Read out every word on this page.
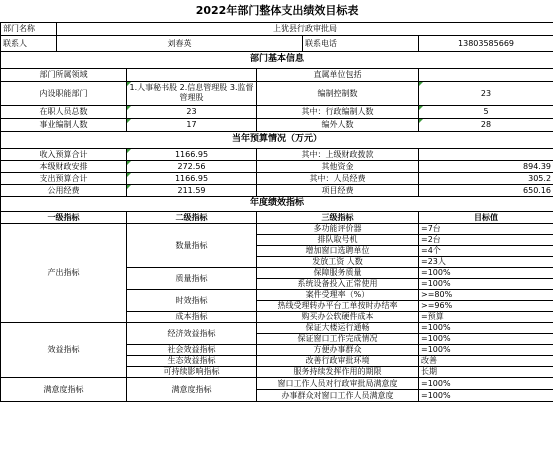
2022年部门整体支出绩效目标表					
部门名称	上犹县行政审批局				
联系人	刘春英			联系电话	13803585669
部门基本信息					
部门所属领域			直属单位包括		
内设职能部门		1.人事秘书股 2.信息管理股 3.监督管理股	编制控制数		23
在职人员总数		23	其中：行政编制人数		5
事业编制人数		17	编外人数		28
当年预算情况（万元）					
收入预算合计		1166.95	其中：上级财政拨款		
本级财政安排		272.56	其他资金		894.39
支出预算合计		1166.95	其中：人员经费		305.2
公用经费		211.59	项目经费		650.16
年度绩效指标					
一级指标		二级指标	三级指标		目标值
产出指标		数量指标	多功能评价器		=7台
			排队取号机		=2台
			增加窗口选聘单位		=4个
			发放工资 人数		=23人
		质量指标	保障服务质量		=100%
			系统设备投入正常使用		=100%
		时效指标	案件受理率（%）		>=80%
			热线受理转办平台工单按时办结率		>=96%
		成本指标	购买办公软硬件成本		=预算
效益指标		经济效益指标	保证大楼运行通畅		=100%
			保证窗口工作完成情况		=100%
		社会效益指标	方便办事群众		=100%
		生态效益指标	改善行政审批环境		改善
		可持续影响指标	服务持续发挥作用的期限		长期
满意度指标		满意度指标	窗口工作人员对行政审批局满意度		=100%
			办事群众对窗口工作人员满意度		=100%
